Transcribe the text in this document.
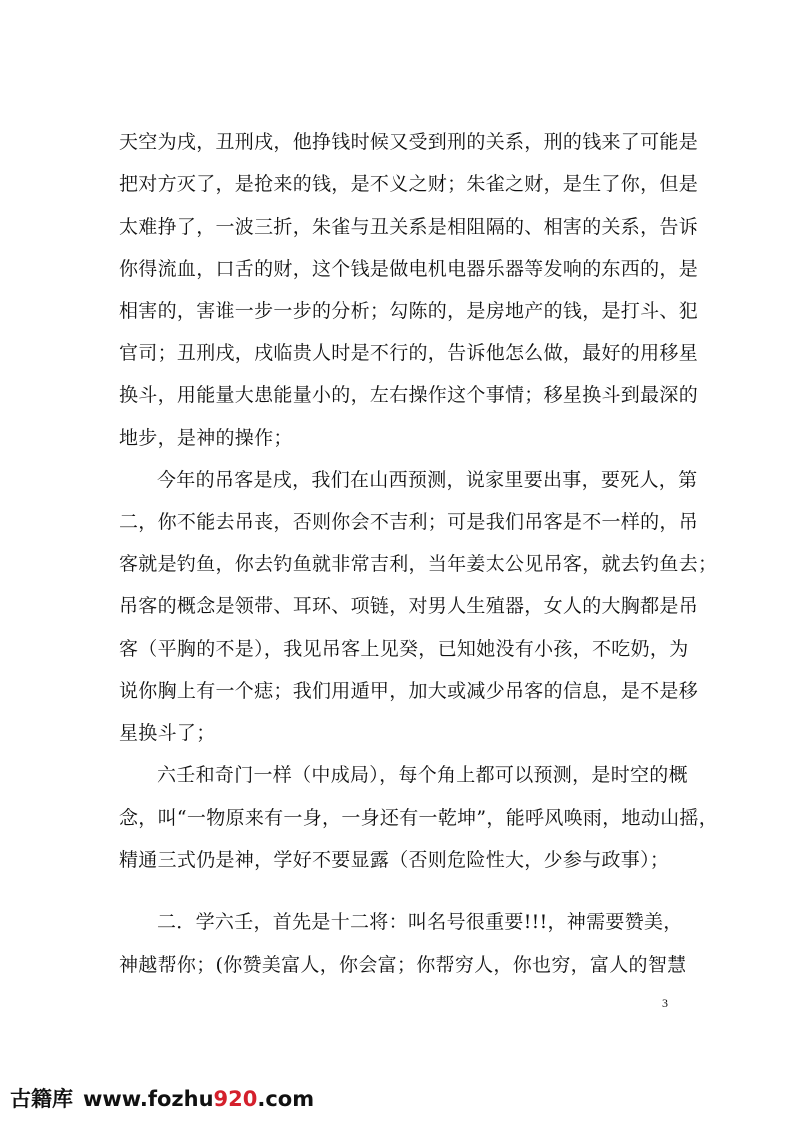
天空为戌，丑刑戌，他挣钱时候又受到刑的关系，刑的钱来了可能是
把对方灭了，是抢来的钱，是不义之财；朱雀之财，是生了你，但是
太难挣了，一波三折，朱雀与丑关系是相阻隔的、相害的关系，告诉
你得流血，口舌的财，这个钱是做电机电器乐器等发响的东西的，是
相害的，害谁一步一步的分析；勾陈的，是房地产的钱，是打斗、犯
官司；丑刑戌，戌临贵人时是不行的，告诉他怎么做，最好的用移星
换斗，用能量大患能量小的，左右操作这个事情；移星换斗到最深的
地步，是神的操作；
今年的吊客是戌，我们在山西预测，说家里要出事，要死人，第
二，你不能去吊丧，否则你会不吉利；可是我们吊客是不一样的，吊
客就是钓鱼，你去钓鱼就非常吉利，当年姜太公见吊客，就去钓鱼去；
吊客的概念是领带、耳环、项链，对男人生殖器，女人的大胸都是吊
客（平胸的不是），我见吊客上见癸，已知她没有小孩，不吃奶，为
说你胸上有一个痣；我们用遁甲，加大或减少吊客的信息，是不是移
星换斗了；
六壬和奇门一样（中成局），每个角上都可以预测，是时空的概
念，叫“一物原来有一身，一身还有一乾坤”，能呼风唤雨，地动山摇，
精通三式仍是神，学好不要显露（否则危险性大，少参与政事）；
二．学六壬，首先是十二将：叫名号很重要!!!，神需要赞美，
神越帮你；(你赞美富人，你会富；你帮穷人，你也穷，富人的智慧
3
古籍库 www.fozhu920.com
